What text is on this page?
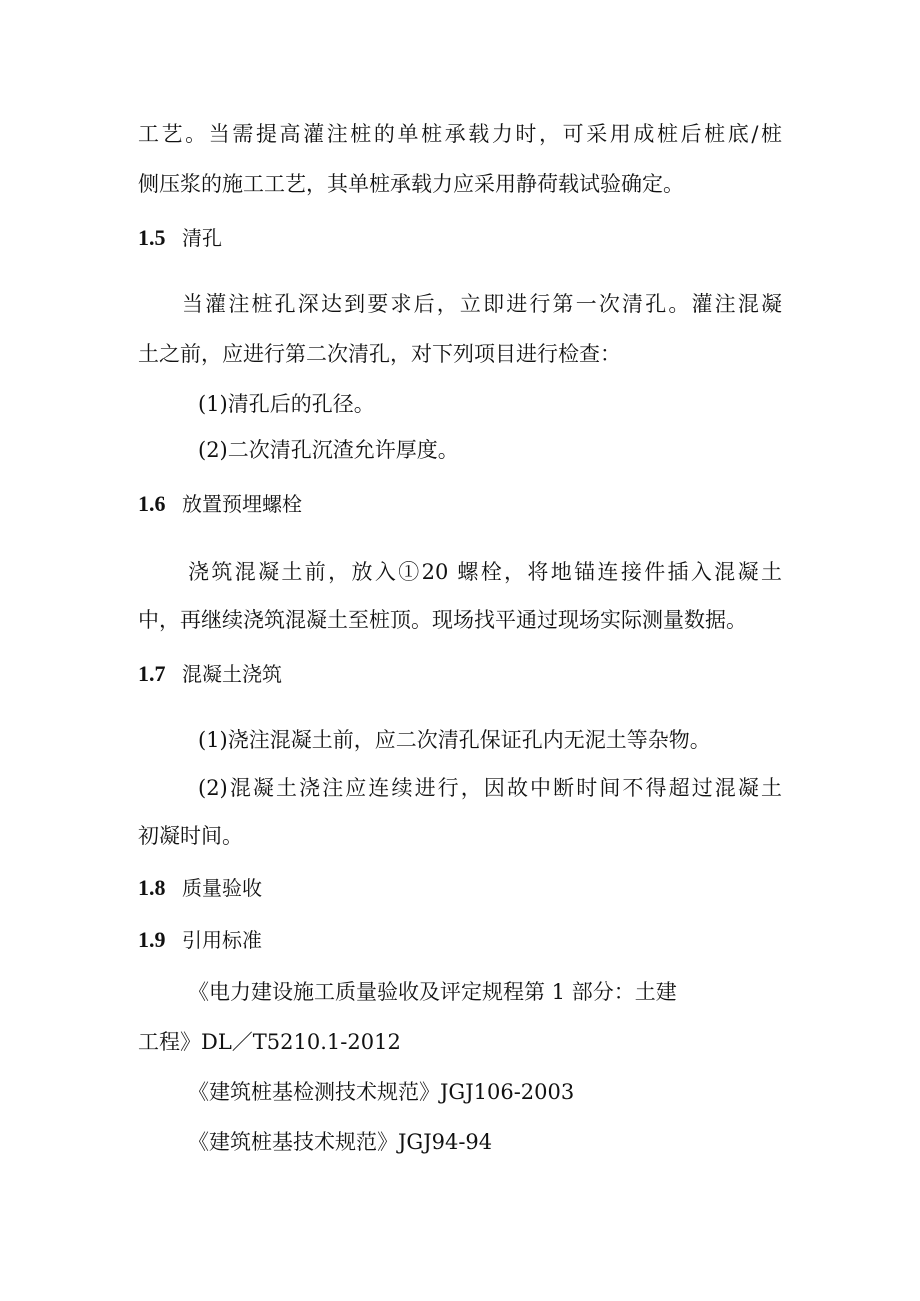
工艺。当需提高灌注桩的单桩承载力时，可采用成桩后桩底/桩
侧压浆的施工工艺，其单桩承载力应采用静荷载试验确定。
1.5 清孔
当灌注桩孔深达到要求后，立即进行第一次清孔。灌注混凝
土之前，应进行第二次清孔，对下列项目进行检查：
(1)清孔后的孔径。
(2)二次清孔沉渣允许厚度。
1.6 放置预埋螺栓
浇筑混凝土前，放入①20 螺栓，将地锚连接件插入混凝土
中，再继续浇筑混凝土至桩顶。现场找平通过现场实际测量数据。
1.7 混凝土浇筑
(1)浇注混凝土前，应二次清孔保证孔内无泥土等杂物。
(2)混凝土浇注应连续进行，因故中断时间不得超过混凝土
初凝时间。
1.8 质量验收
1.9 引用标准
《电力建设施工质量验收及评定规程第 1 部分：土建
工程》DL／T5210.1-2012
《建筑桩基检测技术规范》JGJ106-2003
《建筑桩基技术规范》JGJ94-94
